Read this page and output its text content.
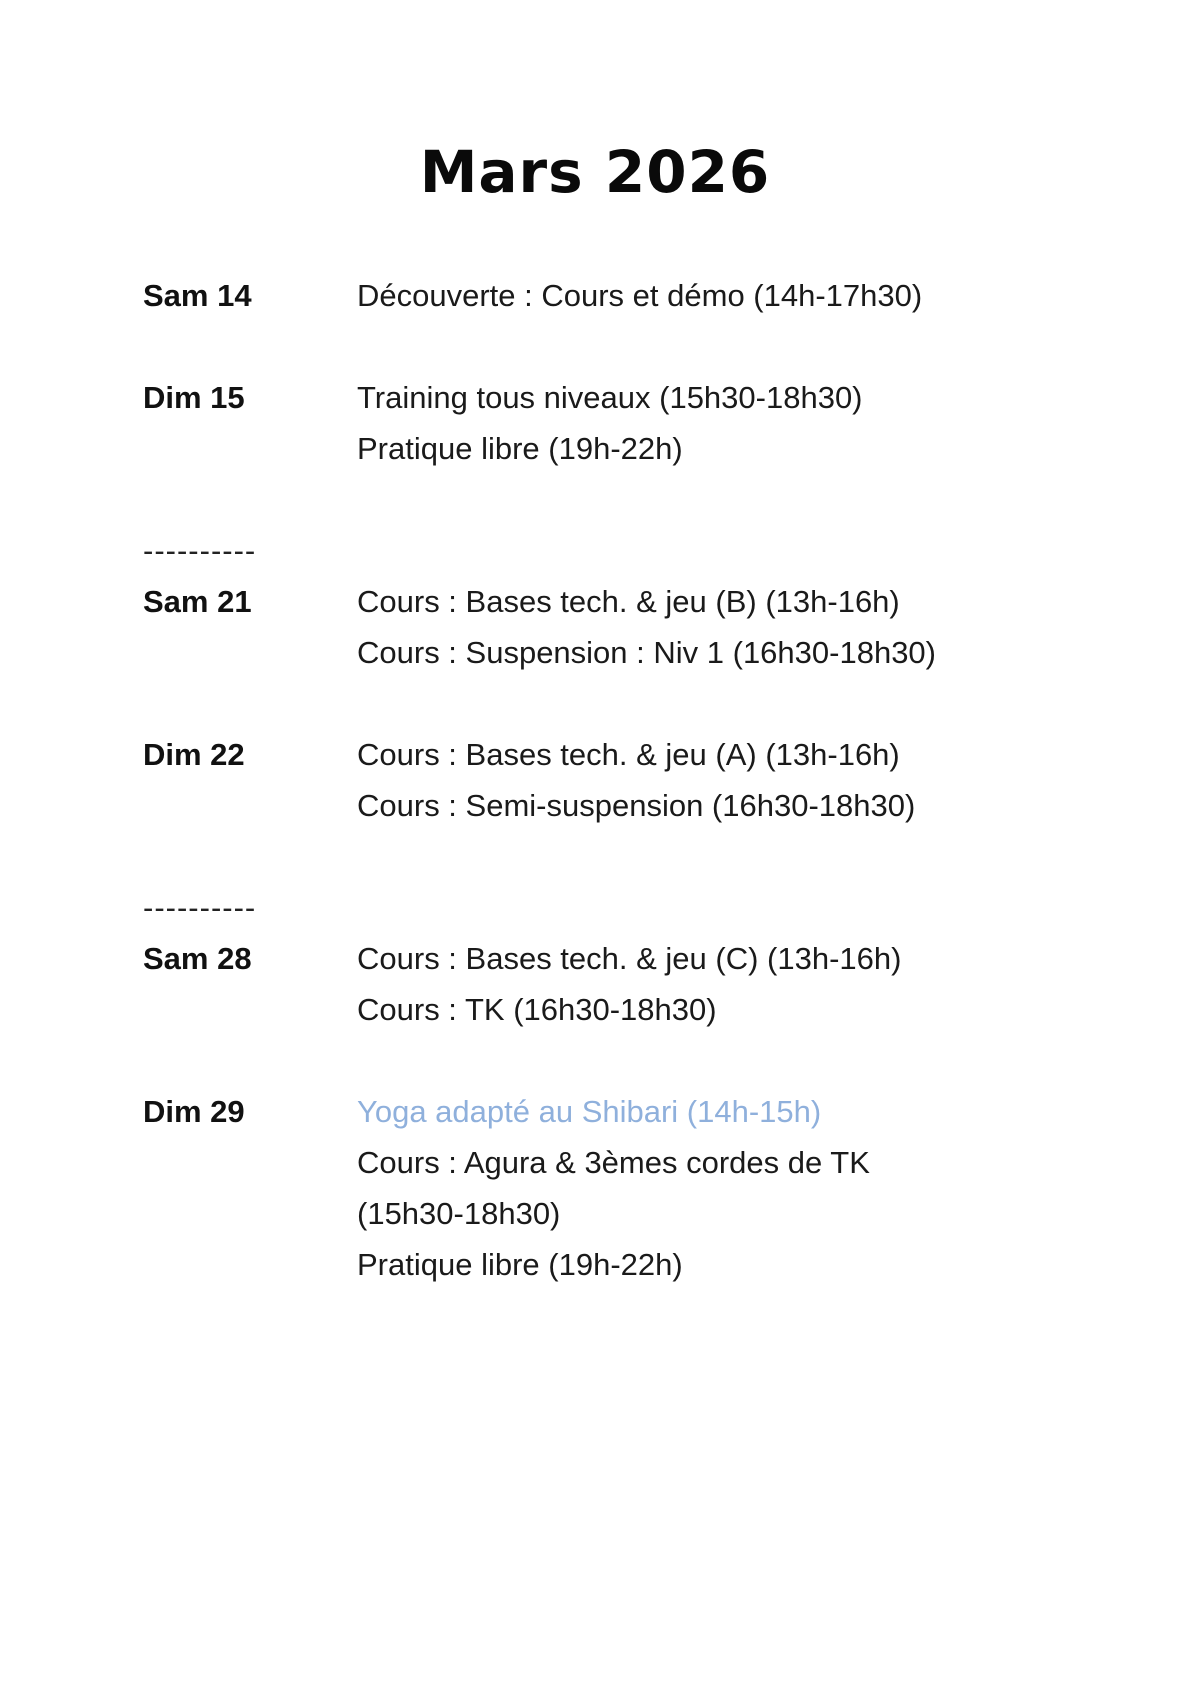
Mars 2026
Sam 14	Découverte : Cours et démo (14h-17h30)
Dim 15	Training tous niveaux (15h30-18h30)
Pratique libre (19h-22h)
----------
Sam 21	Cours : Bases tech. & jeu (B) (13h-16h)
Cours : Suspension : Niv 1 (16h30-18h30)
Dim 22	Cours : Bases tech. & jeu (A) (13h-16h)
Cours : Semi-suspension (16h30-18h30)
----------
Sam 28	Cours : Bases tech. & jeu (C) (13h-16h)
Cours : TK (16h30-18h30)
Dim 29	Yoga adapté au Shibari (14h-15h)
Cours : Agura & 3èmes cordes de TK
(15h30-18h30)
Pratique libre (19h-22h)
